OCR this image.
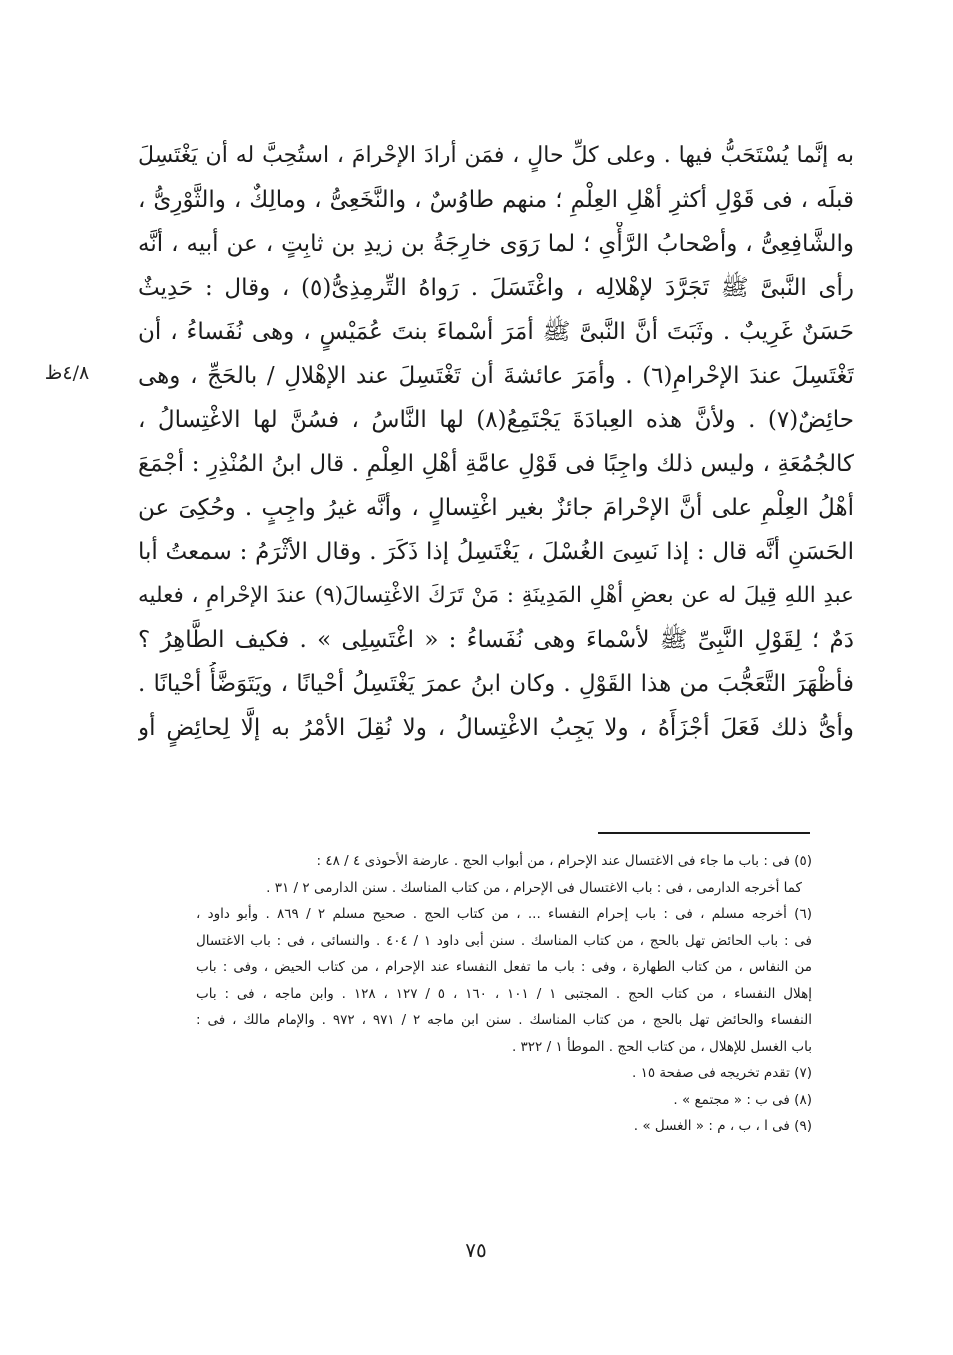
٤/٨ظ
به إنَّما يُسْتَحَبُّ فيها . وعلى كلِّ حالٍ ، فمَن أرادَ الإحْرامَ ، استُحِبَّ له أن يَغْتَسِلَ
قبلَه ، فى قَوْلِ أكثرِ أهْلِ العِلْمِ ؛ منهم طاوُسٌ ، والنَّخَعِىُّ ، ومالِكٌ ، والثَّوْرِىُّ ،
والشَّافِعِىُّ ، وأصْحابُ الرَّأْىِ ؛ لما رَوَى خارِجَةُ بن زيدِ بن ثابِتٍ ، عن أبيه ، أنَّه
رأى النَّبىَّ ﷺ تَجَرَّدَ لإهْلالِه ، واغْتَسَلَ . رَواهُ التِّرمِذِىُّ(٥) ، وقال : حَدِيثٌ
حَسَنٌ غَرِيبٌ . وثَبَتَ أنَّ النَّبىَّ ﷺ أمَرَ أسْماءَ بنتَ عُمَيْسٍ ، وهى نُفَساءُ ، أن
تَغْتَسِلَ عندَ الإحْرامِ(٦) . وأمَرَ عائشةَ أن تَغْتَسِلَ عند الإهْلالِ / بالحَجِّ ، وهى
حائِضٌ(٧) . ولأنَّ هذه العِبادَةَ يَجْتَمِعُ(٨) لها النَّاسُ ، فسُنَّ لها الاغْتِسالُ ،
كالجُمُعَةِ ، وليس ذلك واجِبًا فى قَوْلِ عامَّةِ أهْلِ العِلْمِ . قال ابنُ المُنْذِرِ : أجْمَعَ
أهْلُ العِلْمِ على أنَّ الإحْرامَ جائزٌ بغير اغْتِسالٍ ، وأنَّه غيرُ واجِبٍ . وحُكِىَ عن
الحَسَنِ أنَّه قال : إذا نَسِىَ الغُسْلَ ، يَغْتَسِلُ إذا ذَكَرَ . وقال الأثْرَمُ : سمعتُ أبا
عبدِ اللهِ قِيلَ له عن بعضِ أهْلِ المَدِينَةِ : مَنْ تَرَكَ الاغْتِسالَ(٩) عندَ الإحْرامِ ، فعليه
دَمٌ ؛ لِقَوْلِ النَّبِىِّ ﷺ لأسْماءَ وهى نُفَساءُ : « اغْتَسِلِى » . فكيف الطَّاهِرُ ؟
فأظْهَرَ التَّعَجُّبَ من هذا القَوْلِ . وكان ابنُ عمرَ يَغْتَسِلُ أحْيانًا ، ويَتَوَضَّأُ أحْيانًا .
وأىُّ ذلك فَعَلَ أجْزَأَهُ ، ولا يَجِبُ الاغْتِسالُ ، ولا نُقِلَ الأمْرُ به إلَّا لِحائِضٍ أو
(٥) فى : باب ما جاء فى الاغتسال عند الإحرام ، من أبواب الحج . عارضة الأحوذى ٤ / ٤٨ :
كما أخرجه الدارمى ، فى : باب الاغتسال فى الإحرام ، من كتاب المناسك . سنن الدارمى ٢ / ٣١ .
(٦) أخرجه مسلم ، فى : باب إحرام النفساء ... ، من كتاب الحج . صحيح مسلم ٢ / ٨٦٩ . وأبو داود ،
فى : باب الحائض تهل بالحج ، من كتاب المناسك . سنن أبى داود ١ / ٤٠٤ . والنسائى ، فى : باب الاغتسال
من النفاس ، من كتاب الطهارة ، وفى : باب ما تفعل النفساء عند الإحرام ، من كتاب الحيض ، وفى : باب
إهلال النفساء ، من كتاب الحج . المجتبى ١ / ١٠١ ، ١٦٠ ، ٥ / ١٢٧ ، ١٢٨ . وابن ماجه ، فى : باب
النفساء والحائض تهل بالحج ، من كتاب المناسك . سنن ابن ماجه ٢ / ٩٧١ ، ٩٧٢ . والإمام مالك ، فى :
باب الغسل للإهلال ، من كتاب الحج . الموطأ ١ / ٣٢٢ .
(٧) تقدم تخريجه فى صفحة ١٥ .
(٨) فى ب : « مجتمع » .
(٩) فى ا ، ب ، م : « الغسل » .
٧٥
